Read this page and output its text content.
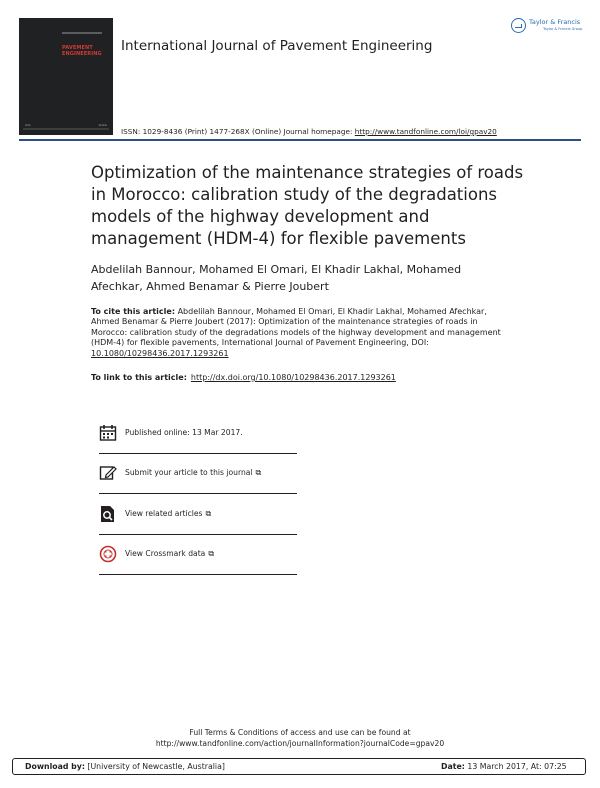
PAVEMENT
ENGINEERING
▬▬	▬▬▬
International Journal of Pavement Engineering
Taylor & Francis
Taylor & Francis Group
ISSN: 1029-8436 (Print) 1477-268X (Online) Journal homepage: http://www.tandfonline.com/loi/gpav20
Optimization of the maintenance strategies of roads in Morocco: calibration study of the degradations models of the highway development and management (HDM-4) for flexible pavements
Abdelilah Bannour, Mohamed El Omari, El Khadir Lakhal, Mohamed Afechkar, Ahmed Benamar & Pierre Joubert
To cite this article: Abdelilah Bannour, Mohamed El Omari, El Khadir Lakhal, Mohamed Afechkar, Ahmed Benamar & Pierre Joubert (2017): Optimization of the maintenance strategies of roads in Morocco: calibration study of the degradations models of the highway development and management (HDM-4) for flexible pavements, International Journal of Pavement Engineering, DOI: 10.1080/10298436.2017.1293261
To link to this article: http://dx.doi.org/10.1080/10298436.2017.1293261
Published online: 13 Mar 2017.
Submit your article to this journal ⧉
View related articles ⧉
View Crossmark data ⧉
Full Terms & Conditions of access and use can be found at
http://www.tandfonline.com/action/journalInformation?journalCode=gpav20
Download by: [University of Newcastle, Australia]	Date: 13 March 2017, At: 07:25
